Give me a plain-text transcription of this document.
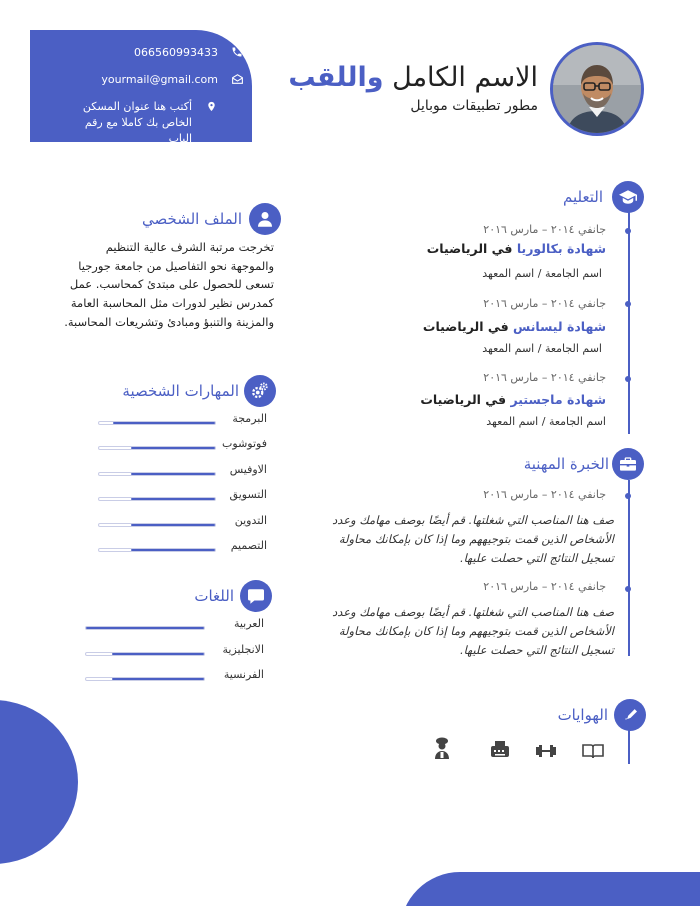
066560993433
yourmail@gmail.com
أكتب هنا عنوان المسكن الخاص بك كاملا مع رقم الباب
الاسم الكامل واللقب
مطور تطبيقات موبايل
التعليم
جانفي ٢٠١٤ – مارس ٢٠١٦
شهادة بكالوريا في الرياضيات
اسم الجامعة / اسم المعهد
جانفي ٢٠١٤ – مارس ٢٠١٦
شهادة ليسانس في الرياضيات
اسم الجامعة / اسم المعهد
جانفي ٢٠١٤ – مارس ٢٠١٦
شهادة ماجستير في الرياضيات
اسم الجامعة / اسم المعهد
الخبرة المهنية
جانفي ٢٠١٤ – مارس ٢٠١٦
صف هنا المناصب التي شغلتها. قم أيضًا بوصف مهامك وعدد الأشخاص الذين قمت بتوجيههم وما إذا كان بإمكانك محاولة تسجيل النتائج التي حصلت عليها.
جانفي ٢٠١٤ – مارس ٢٠١٦
صف هنا المناصب التي شغلتها. قم أيضًا بوصف مهامك وعدد الأشخاص الذين قمت بتوجيههم وما إذا كان بإمكانك محاولة تسجيل النتائج التي حصلت عليها.
الهوايات
الملف الشخصي
تخرجت مرتبة الشرف عالية التنظيم والموجهة نحو التفاصيل من جامعة جورجيا تسعى للحصول على مبتدئ كمحاسب. عمل كمدرس نظير لدورات مثل المحاسبة العامة والمزينة والتنبؤ ومبادئ وتشريعات المحاسبة.
المهارات الشخصية
البرمجة
فوتوشوب
الاوفيس
التسويق
التدوين
التصميم
اللغات
العربية
الانجليزية
الفرنسية
